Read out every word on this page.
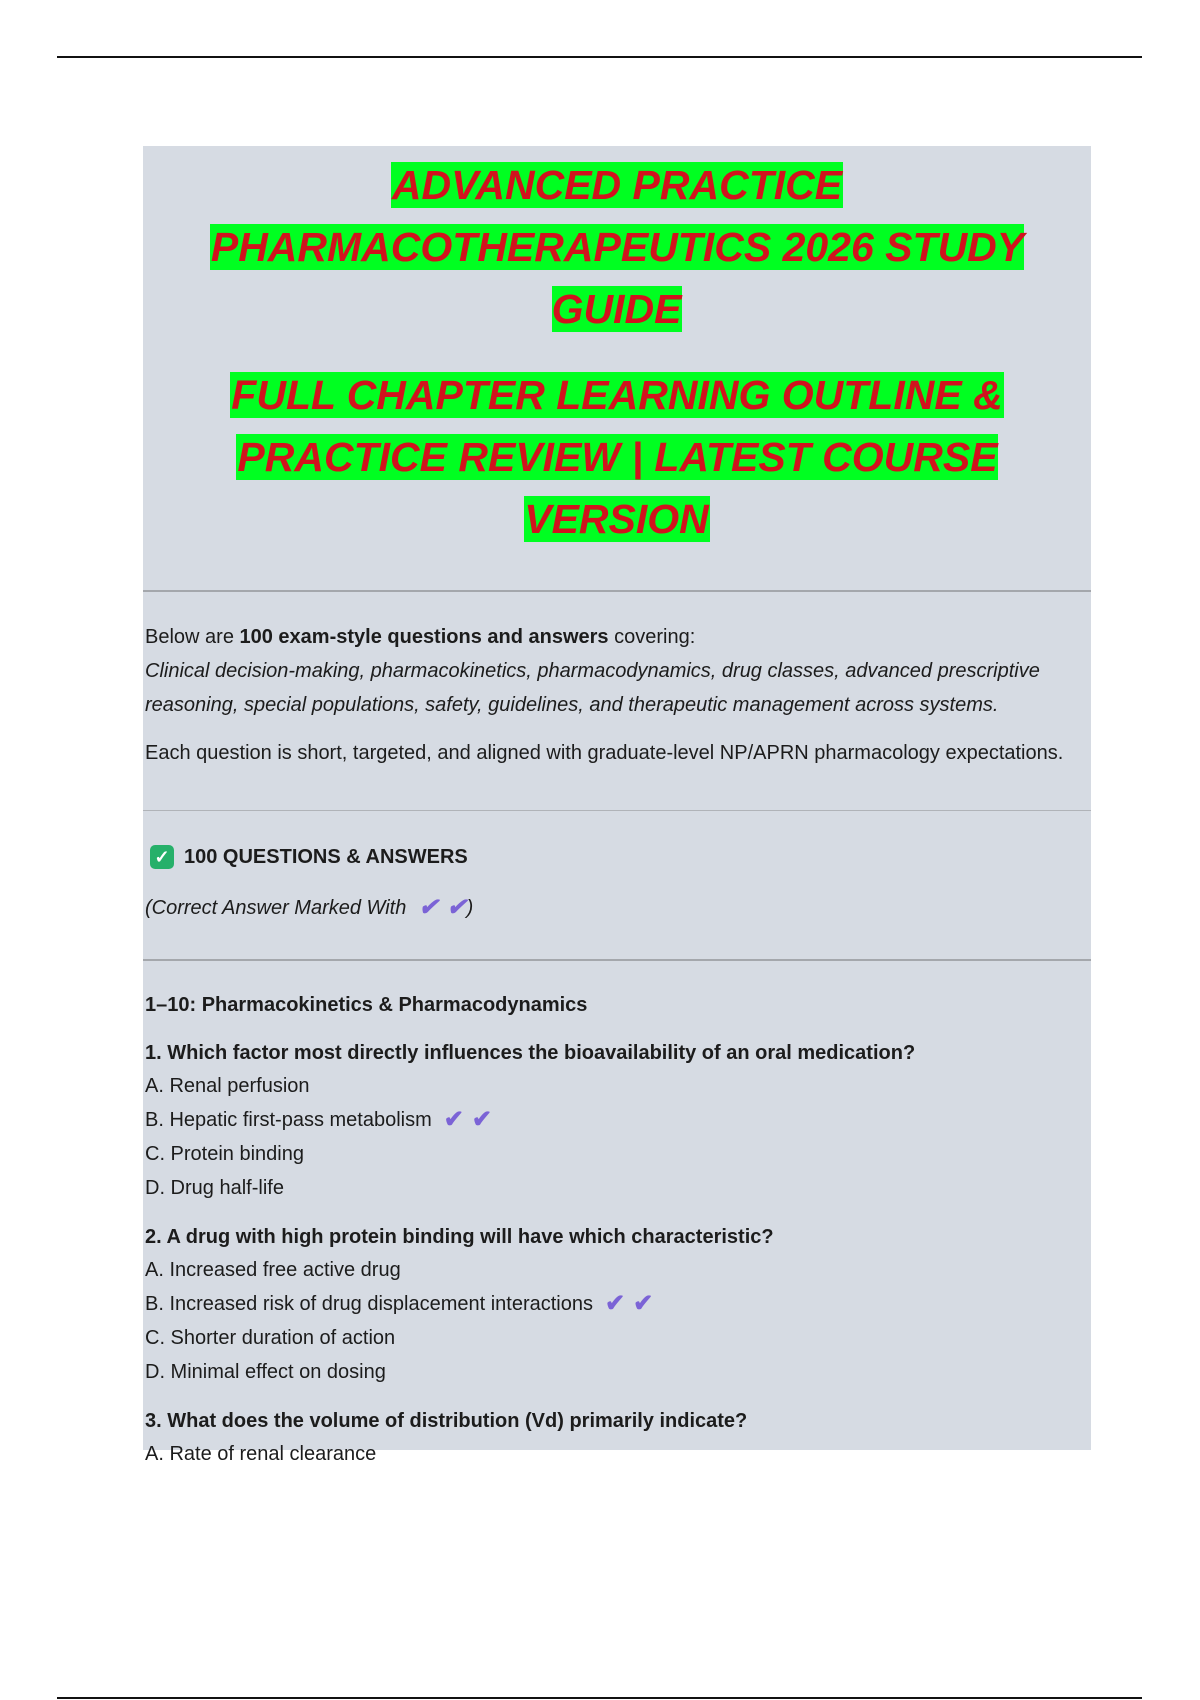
ADVANCED PRACTICE

PHARMACOTHERAPEUTICS 2026 STUDY GUIDE

FULL CHAPTER LEARNING OUTLINE &

PRACTICE REVIEW | LATEST COURSE VERSION

Below are 100 exam-style questions and answers covering:

Clinical decision-making, pharmacokinetics, pharmacodynamics, drug classes, advanced prescriptive reasoning, special populations, safety, guidelines, and therapeutic management across systems.

Each question is short, targeted, and aligned with graduate-level NP/APRN pharmacology expectations.

✓ 100 QUESTIONS & ANSWERS
(Correct Answer Marked With ✔ ✔ )
1–10: Pharmacokinetics & Pharmacodynamics
1. Which factor most directly influences the bioavailability of an oral medication?
A. Renal perfusion
B. Hepatic first-pass metabolism ✔ ✔
C. Protein binding
D. Drug half-life
2. A drug with high protein binding will have which characteristic?
A. Increased free active drug
B. Increased risk of drug displacement interactions ✔ ✔
C. Shorter duration of action
D. Minimal effect on dosing
3. What does the volume of distribution (Vd) primarily indicate?
A. Rate of renal clearance
